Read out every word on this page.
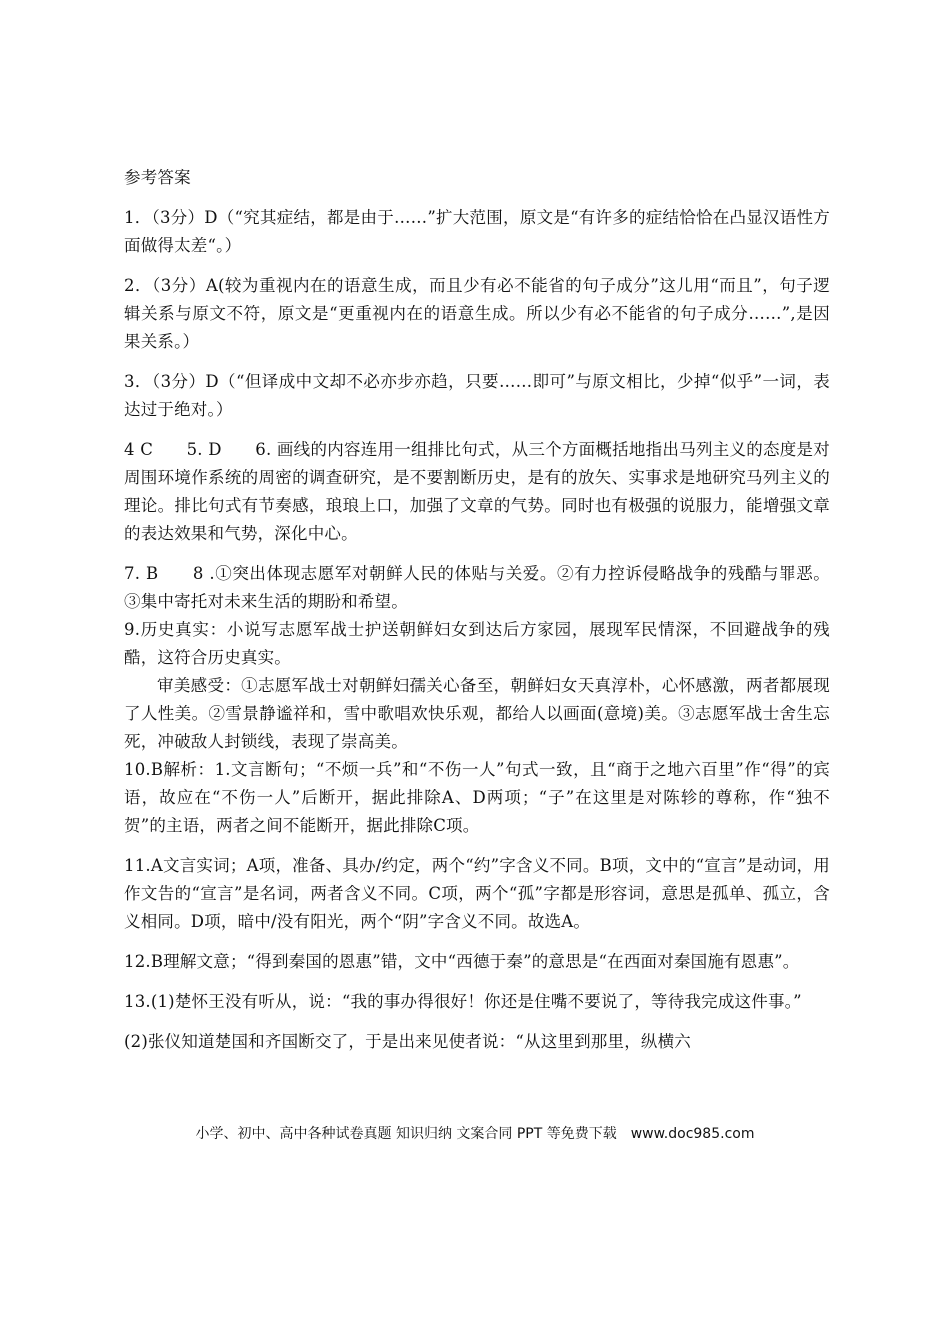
参考答案
1．（3分）D（“究其症结，都是由于……”扩大范围，原文是“有许多的症结恰恰在凸显汉语性方面做得太差“。）
2．（3分）A(较为重视内在的语意生成，而且少有必不能省的句子成分”这儿用“而且”，句子逻辑关系与原文不符，原文是“更重视内在的语意生成。所以少有必不能省的句子成分……”,是因果关系。）
3．（3分）D（“但译成中文却不必亦步亦趋，只要……即可”与原文相比，少掉“似乎”一词，表达过于绝对。）
4 C　　5. D　　6. 画线的内容连用一组排比句式，从三个方面概括地指出马列主义的态度是对周围环境作系统的周密的调查研究，是不要割断历史，是有的放矢、实事求是地研究马列主义的理论。排比句式有节奏感，琅琅上口，加强了文章的气势。同时也有极强的说服力，能增强文章的表达效果和气势，深化中心。
7. B　　8 .①突出体现志愿军对朝鲜人民的体贴与关爱。②有力控诉侵略战争的残酷与罪恶。③集中寄托对未来生活的期盼和希望。
9.历史真实：小说写志愿军战士护送朝鲜妇女到达后方家园，展现军民情深，不回避战争的残酷，这符合历史真实。
审美感受：①志愿军战士对朝鲜妇孺关心备至，朝鲜妇女天真淳朴，心怀感激，两者都展现了人性美。②雪景静谧祥和，雪中歌唱欢快乐观，都给人以画面(意境)美。③志愿军战士舍生忘死，冲破敌人封锁线，表现了崇高美。
10.B解析：1.文言断句；“不烦一兵”和“不伤一人”句式一致，且“商于之地六百里”作“得”的宾语，故应在“不伤一人”后断开，据此排除A、D两项；“子”在这里是对陈轸的尊称，作“独不贺”的主语，两者之间不能断开，据此排除C项。
11.A文言实词；A项，准备、具办/约定，两个“约”字含义不同。B项，文中的“宣言”是动词，用作文告的“宣言”是名词，两者含义不同。C项，两个“孤”字都是形容词，意思是孤单、孤立，含义相同。D项，暗中/没有阳光，两个“阴”字含义不同。故选A。
12.B理解文意；“得到秦国的恩惠”错，文中“西德于秦”的意思是“在西面对秦国施有恩惠”。
13.(1)楚怀王没有听从，说：“我的事办得很好！你还是住嘴不要说了，等待我完成这件事。”
(2)张仪知道楚国和齐国断交了，于是出来见使者说：“从这里到那里，纵横六
小学、初中、高中各种试卷真题 知识归纳 文案合同 PPT 等免费下载　www.doc985.com
